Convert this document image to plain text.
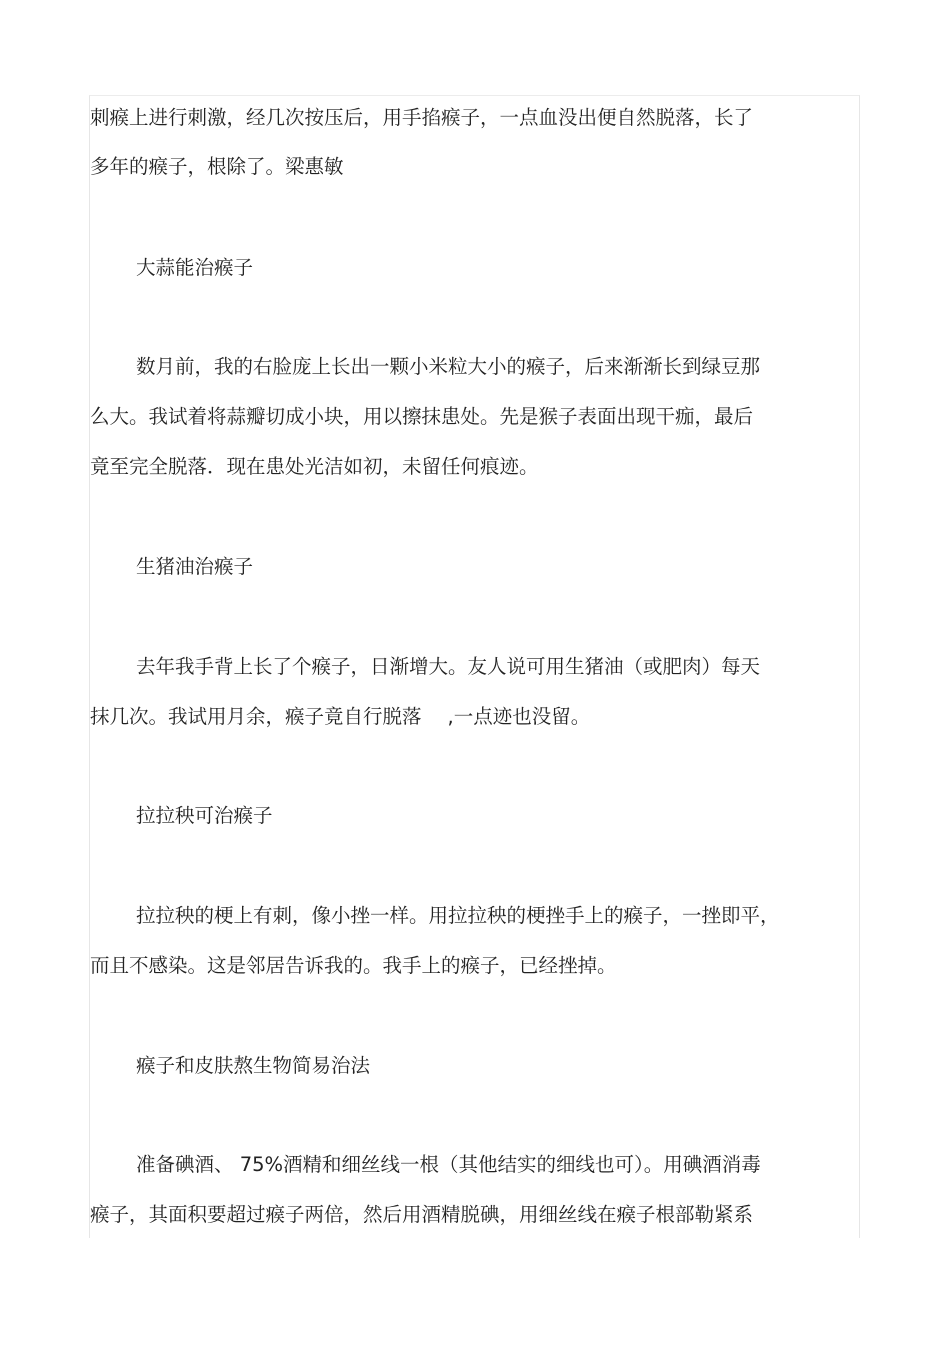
刺瘊上进行刺激，经几次按压后，用手掐瘊子，一点血没出便自然脱落，长了
多年的瘊子，根除了。梁惠敏
大蒜能治瘊子
数月前，我的右脸庞上长出一颗小米粒大小的瘊子，后来渐渐长到绿豆那
么大。我试着将蒜瓣切成小块，用以擦抹患处。先是猴子表面出现干痂，最后
竟至完全脱落．现在患处光洁如初，未留任何痕迹。
生猪油治瘊子
去年我手背上长了个瘊子，日渐增大。友人说可用生猪油（或肥肉）每天
抹几次。我试用月余，瘊子竟自行脱落 ,一点迹也没留。
拉拉秧可治瘊子
拉拉秧的梗上有刺，像小挫一样。用拉拉秧的梗挫手上的瘊子，一挫即平，
而且不感染。这是邻居告诉我的。我手上的瘊子，已经挫掉。
瘊子和皮肤熬生物简易治法
准备碘酒、 75%酒精和细丝线一根（其他结实的细线也可）。用碘酒消毒
瘊子，其面积要超过瘊子两倍，然后用酒精脱碘，用细丝线在瘊子根部勒紧系
